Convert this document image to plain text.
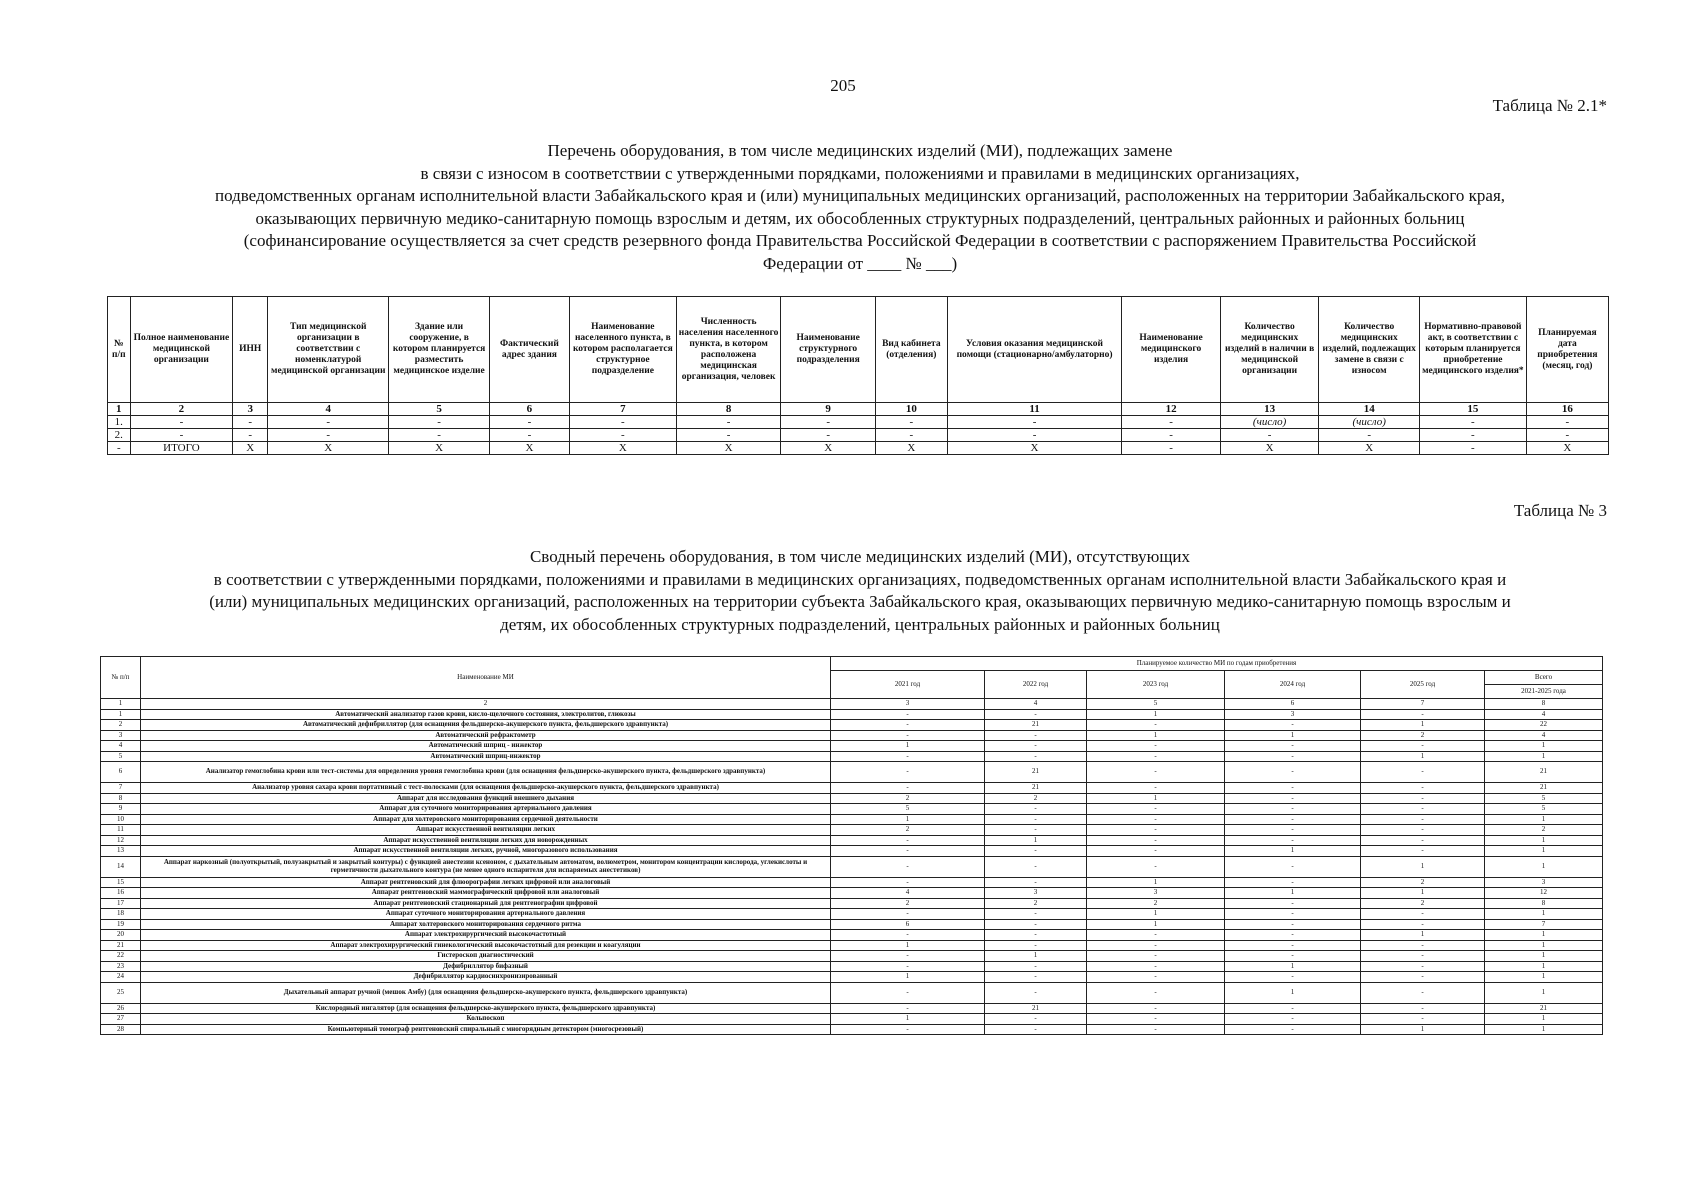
205
Таблица № 2.1*
Перечень оборудования, в том числе медицинских изделий (МИ), подлежащих замене
в связи с износом в соответствии с утвержденными порядками, положениями и правилами в медицинских организациях,
подведомственных органам исполнительной власти Забайкальского края и (или) муниципальных медицинских организаций, расположенных на территории Забайкальского края,
оказывающих первичную медико-санитарную помощь взрослым и детям, их обособленных структурных подразделений, центральных районных и районных больниц
(софинансирование осуществляется за счет средств резервного фонда Правительства Российской Федерации в соответствии с распоряжением Правительства Российской
Федерации от ____ № ___)
№ п/п	Полное наименование медицинской организации	ИНН	Тип медицинской организации в соответствии с номенклатурой медицинской организации	Здание или сооружение, в котором планируется разместить медицинское изделие	Фактический адрес здания	Наименование населенного пункта, в котором располагается структурное подразделение	Численность населения населенного пункта, в котором расположена медицинская организация, человек	Наименование структурного подразделения	Вид кабинета (отделения)	Условия оказания медицинской помощи (стационарно/амбулаторно)	Наименование медицинского изделия	Количество медицинских изделий в наличии в медицинской организации	Количество медицинских изделий, подлежащих замене в связи с износом	Нормативно-правовой акт, в соответствии с которым планируется приобретение медицинского изделия*	Планируемая дата приобретения (месяц, год)
1	2	3	4	5	6	7	8	9	10	11	12	13	14	15	16
1.	-	-	-	-	-	-	-	-	-	-	-	(число)	(число)	-	-
2.	-	-	-	-	-	-	-	-	-	-	-	-	-	-	-
-	ИТОГО	X	X	X	X	X	X	X	X	X	-	X	X	-	X
Таблица № 3
Сводный перечень оборудования, в том числе медицинских изделий (МИ), отсутствующих
в соответствии с утвержденными порядками, положениями и правилами в медицинских организациях, подведомственных органам исполнительной власти Забайкальского края и
(или) муниципальных медицинских организаций, расположенных на территории субъекта Забайкальского края, оказывающих первичную медико-санитарную помощь взрослым и
детям, их обособленных структурных подразделений, центральных районных и районных больниц
№ п/п	Наименование МИ	Планируемое количество МИ по годам приобретения					
		2021 год	2022 год	2023 год	2024 год	2025 год	Всего
							2021-2025 года
1	2	3	4	5	6	7	8
1	Автоматический анализатор газов крови, кисло-щелочного состояния, электролитов, глюкозы	-	-	1	3	-	4
2	Автоматический дефибриллятор (для оснащения фельдшерско-акушерского пункта, фельдшерского здравпункта)	-	21	-	-	1	22
3	Автоматический рефрактометр	-	-	1	1	2	4
4	Автоматический шприц - инжектор	1	-	-	-	-	1
5	Автоматический шприц-инжектор	-	-	-	-	1	1
6	Анализатор гемоглобина крови или тест-системы для определения уровня гемоглобина крови (для оснащения фельдшерско-акушерского пункта, фельдшерского здравпункта)	-	21	-	-	-	21
7	Анализатор уровня сахара крови портативный с тест-полосками (для оснащения фельдшерско-акушерского пункта, фельдшерского здравпункта)	-	21	-	-	-	21
8	Аппарат для исследования функций внешнего дыхания	2	2	1	-	-	5
9	Аппарат для суточного мониторирования артериального давления	5	-	-	-	-	5
10	Аппарат для холтеровского мониторирования сердечной деятельности	1	-	-	-	-	1
11	Аппарат искусственной вентиляции легких	2	-	-	-	-	2
12	Аппарат искусственной вентиляции легких для новорожденных	-	1	-	-	-	1
13	Аппарат искусственной вентиляции легких, ручной, многоразового использования	-	-	-	1	-	1
14	Аппарат наркозный (полуоткрытый, полузакрытый и закрытый контуры) с функцией анестезии ксеноном, с дыхательным автоматом, волюметром, монитором концентрации кислорода, углекислоты и герметичности дыхательного контура (не менее одного испарителя для испаряемых анестетиков)	-	-	-	-	1	1
15	Аппарат рентгеновский для флюорографии легких цифровой или аналоговый	-	-	1	-	2	3
16	Аппарат рентгеновский маммографический цифровой или аналоговый	4	3	3	1	1	12
17	Аппарат рентгеновский стационарный для рентгенографии цифровой	2	2	2	-	2	8
18	Аппарат суточного мониторирования артериального давления	-	-	1	-	-	1
19	Аппарат холтеровского мониторирования сердечного ритма	6	-	1	-	-	7
20	Аппарат электрохирургический высокочастотный	-	-	-	-	1	1
21	Аппарат электрохирургический гинекологический высокочастотный для резекции и коагуляции	1	-	-	-	-	1
22	Гистероскоп диагностический	-	1	-	-	-	1
23	Дефибриллятор бифазный	-	-	-	1	-	1
24	Дефибриллятор кардиосинхронизированный	1	-	-	-	-	1
25	Дыхательный аппарат ручной (мешок Амбу) (для оснащения фельдшерско-акушерского пункта, фельдшерского здравпункта)	-	-	-	1	-	1
26	Кислородный ингалятор (для оснащения фельдшерско-акушерского пункта, фельдшерского здравпункта)	-	21	-	-	-	21
27	Кольпоскоп	1	-	-	-	-	1
28	Компьютерный томограф рентгеновский спиральный с многорядным детектором (многосрезовый)	-	-	-	-	1	1
